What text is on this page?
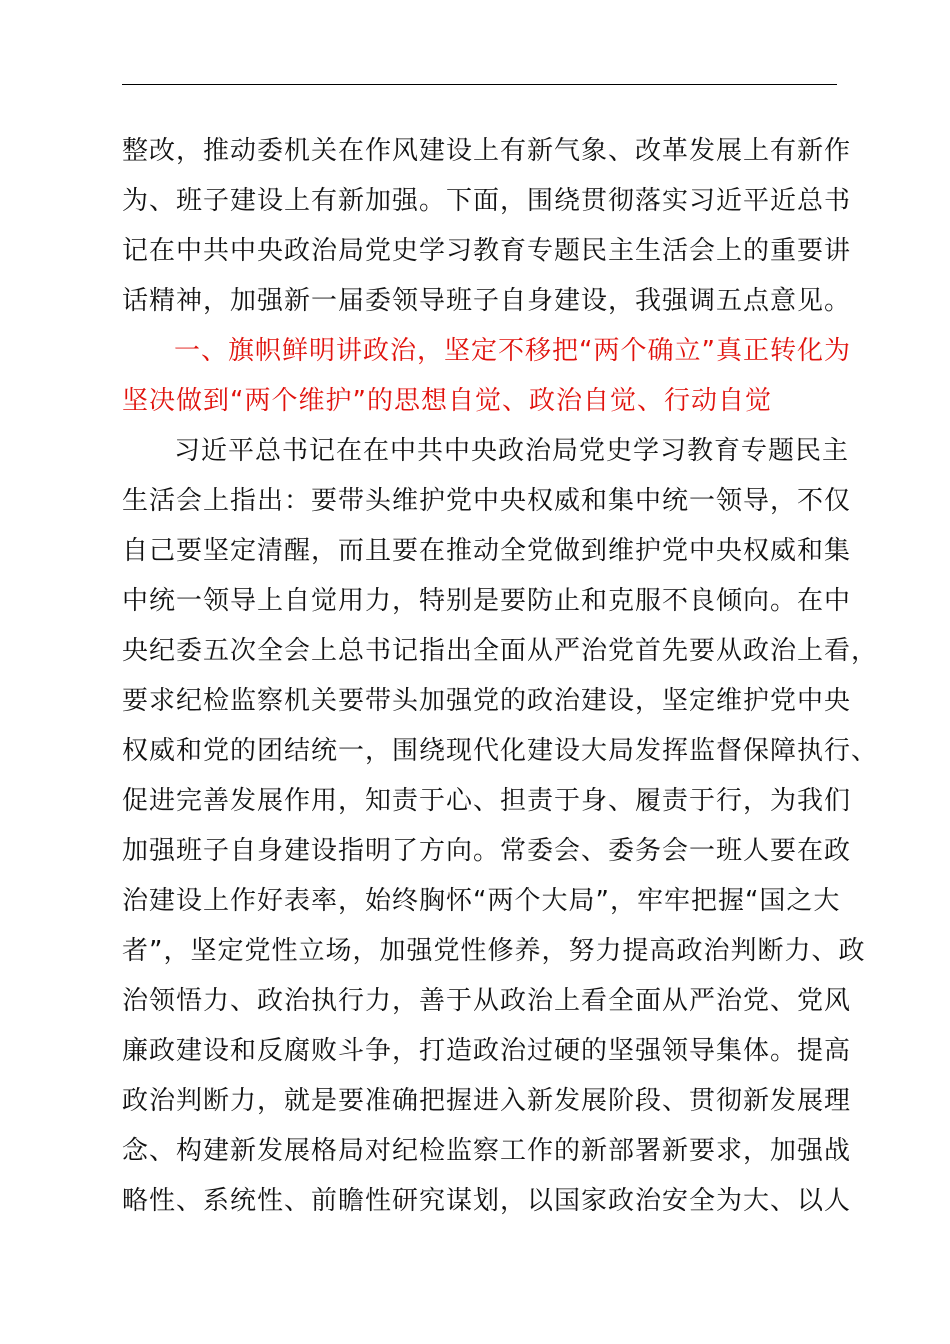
整改，推动委机关在作风建设上有新气象、改革发展上有新作
为、班子建设上有新加强。下面，围绕贯彻落实习近平近总书
记在中共中央政治局党史学习教育专题民主生活会上的重要讲
话精神，加强新一届委领导班子自身建设，我强调五点意见。
一、旗帜鲜明讲政治，坚定不移把“两个确立”真正转化为
坚决做到“两个维护”的思想自觉、政治自觉、行动自觉
习近平总书记在在中共中央政治局党史学习教育专题民主
生活会上指出：要带头维护党中央权威和集中统一领导，不仅
自己要坚定清醒，而且要在推动全党做到维护党中央权威和集
中统一领导上自觉用力，特别是要防止和克服不良倾向。在中
央纪委五次全会上总书记指出全面从严治党首先要从政治上看，
要求纪检监察机关要带头加强党的政治建设，坚定维护党中央
权威和党的团结统一，围绕现代化建设大局发挥监督保障执行、
促进完善发展作用，知责于心、担责于身、履责于行，为我们
加强班子自身建设指明了方向。常委会、委务会一班人要在政
治建设上作好表率，始终胸怀“两个大局”，牢牢把握“国之大
者”，坚定党性立场，加强党性修养，努力提高政治判断力、政
治领悟力、政治执行力，善于从政治上看全面从严治党、党风
廉政建设和反腐败斗争，打造政治过硬的坚强领导集体。提高
政治判断力，就是要准确把握进入新发展阶段、贯彻新发展理
念、构建新发展格局对纪检监察工作的新部署新要求，加强战
略性、系统性、前瞻性研究谋划，以国家政治安全为大、以人
